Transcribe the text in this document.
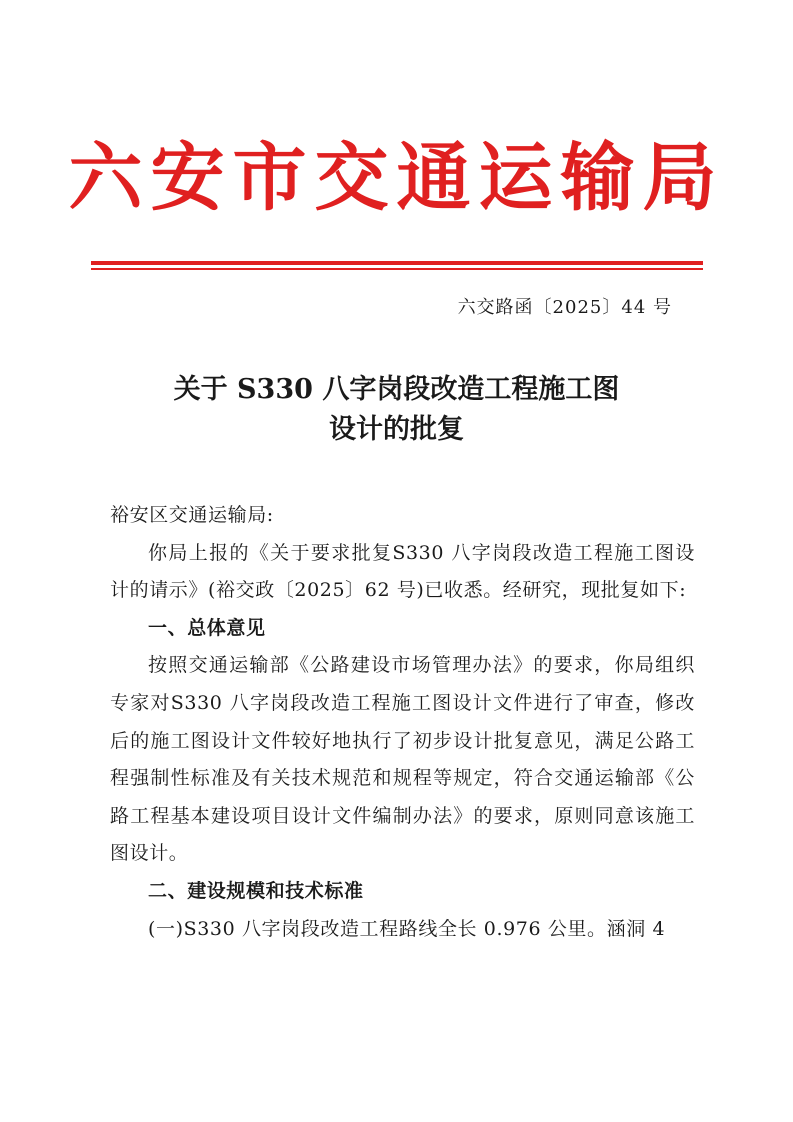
六安市交通运输局
六交路函〔2025〕44 号
关于 S330 八字岗段改造工程施工图
设计的批复

裕安区交通运输局:

你局上报的《关于要求批复S330 八字岗段改造工程施工图设计的请示》(裕交政〔2025〕62 号)已收悉。经研究，现批复如下:

一、总体意见

按照交通运输部《公路建设市场管理办法》的要求，你局组织专家对S330 八字岗段改造工程施工图设计文件进行了审查，修改后的施工图设计文件较好地执行了初步设计批复意见，满足公路工程强制性标准及有关技术规范和规程等规定，符合交通运输部《公路工程基本建设项目设计文件编制办法》的要求，原则同意该施工图设计。

二、建设规模和技术标准

(一)S330 八字岗段改造工程路线全长 0.976 公里。涵洞 4
